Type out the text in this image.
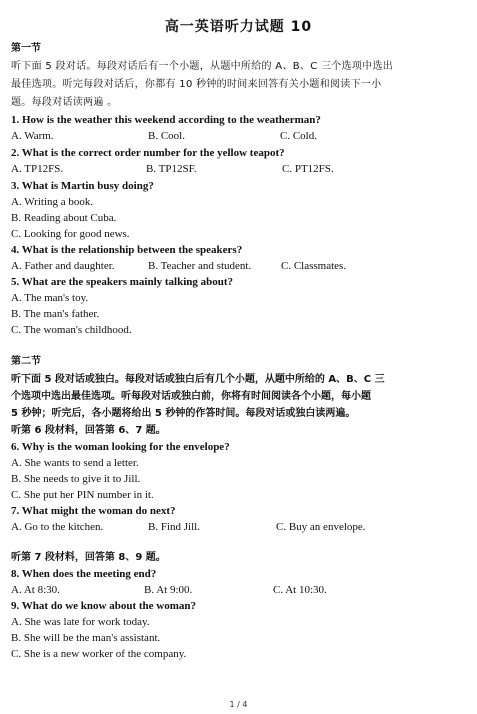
高一英语听力试题 10
第一节
听下面 5 段对话。每段对话后有一个小题，从题中所给的 A、B、C 三个选项中选出
最佳选项。听完每段对话后，你都有 10 秒钟的时间来回答有关小题和阅读下一小
题。每段对话读两遍 。
1. How is the weather this weekend according to the weatherman?
A. Warm.	B. Cool.	C. Cold.
2. What is the correct order number for the yellow teapot?
A. TP12FS.	B. TP12SF.	C. PT12FS.
3. What is Martin busy doing?
A. Writing a book.
B. Reading about Cuba.
C. Looking for good news.
4. What is the relationship between the speakers?
A. Father and daughter.	B. Teacher and student.	C. Classmates.
5. What are the speakers mainly talking about?
A. The man's toy.
B. The man's father.
C. The woman's childhood.
第二节
听下面 5 段对话或独白。每段对话或独白后有几个小题，从题中所给的 A、B、C 三
个选项中选出最佳选项。听每段对话或独白前，你将有时间阅读各个小题，每小题
5 秒钟；听完后，各小题将给出 5 秒钟的作答时间。每段对话或独白读两遍。
听第 6 段材料，回答第 6、7 题。
6. Why is the woman looking for the envelope?
A. She wants to send a letter.
B. She needs to give it to Jill.
C. She put her PIN number in it.
7. What might the woman do next?
A. Go to the kitchen.	B. Find Jill.	C. Buy an envelope.
听第 7 段材料，回答第 8、9 题。
8. When does the meeting end?
A. At 8:30.	B. At 9:00.	C. At 10:30.
9. What do we know about the woman?
A. She was late for work today.
B. She will be the man's assistant.
C. She is a new worker of the company.
1 / 4
